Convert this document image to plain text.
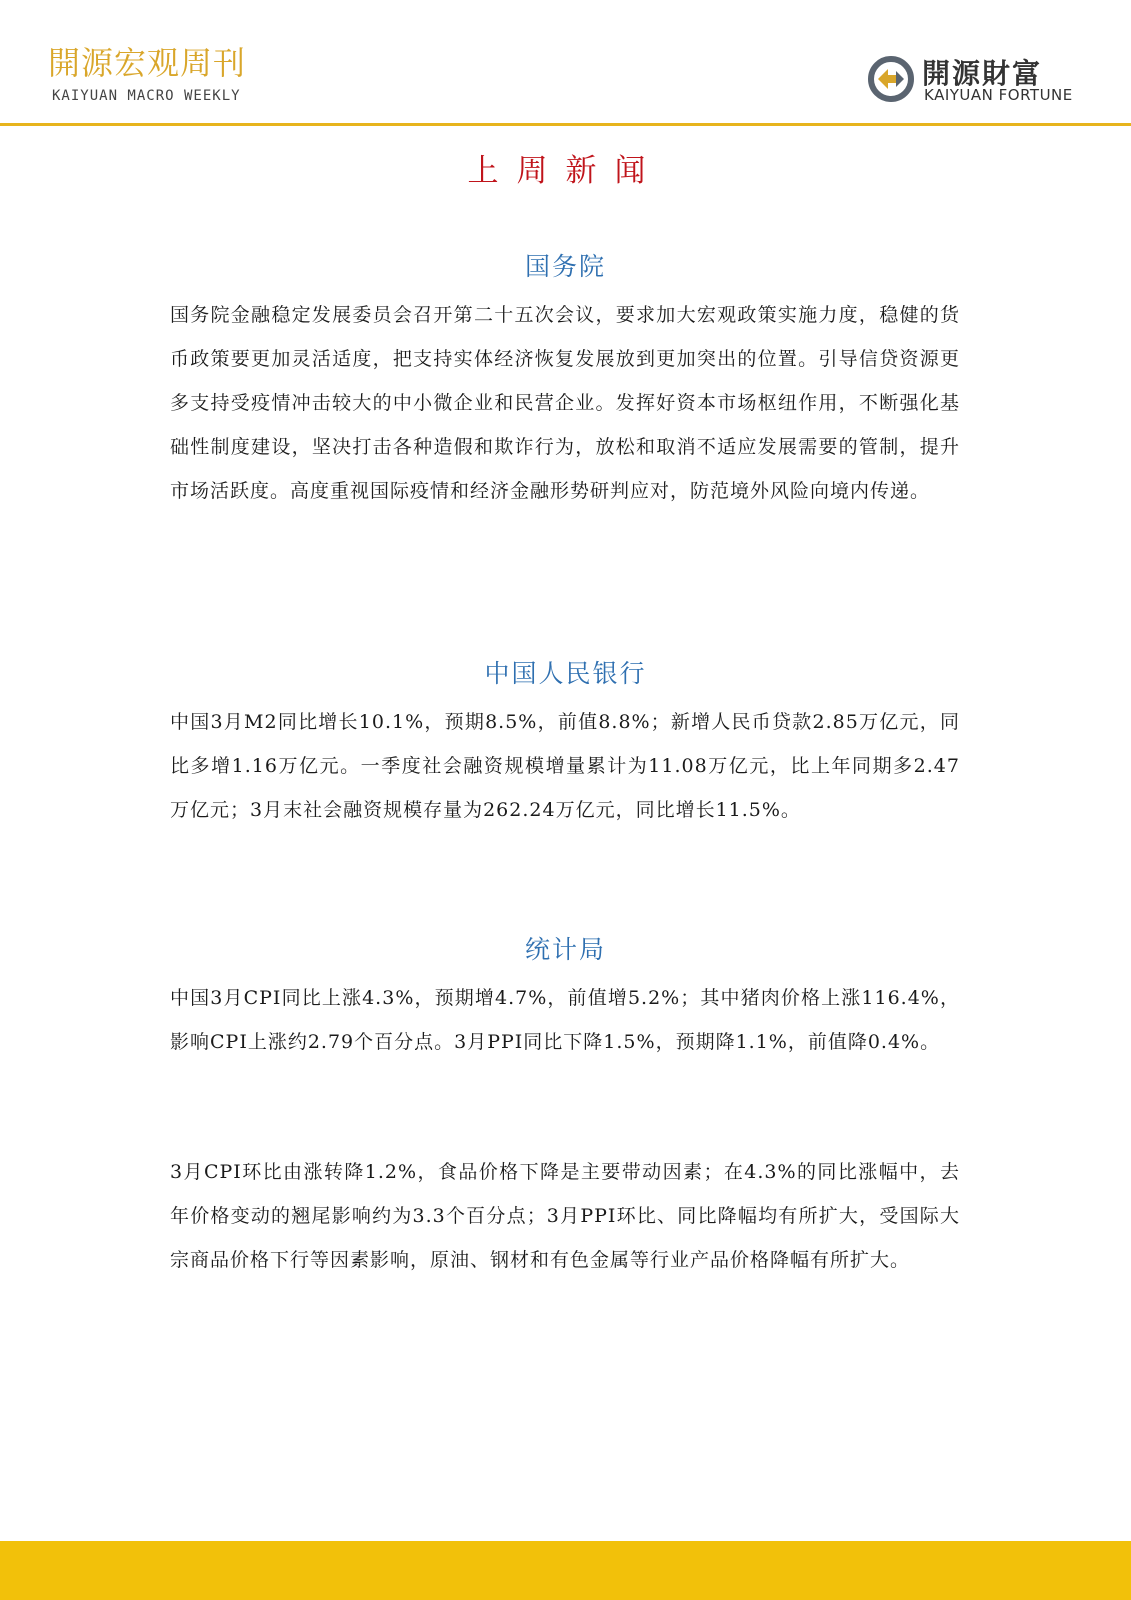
開源宏观周刊
KAIYUAN MACRO WEEKLY
開源財富
KAIYUAN FORTUNE
上周新闻
国务院

国务院金融稳定发展委员会召开第二十五次会议，要求加大宏观政策实施力度，稳健的货币政策要更加灵活适度，把支持实体经济恢复发展放到更加突出的位置。引导信贷资源更多支持受疫情冲击较大的中小微企业和民营企业。发挥好资本市场枢纽作用，不断强化基础性制度建设，坚决打击各种造假和欺诈行为，放松和取消不适应发展需要的管制，提升市场活跃度。高度重视国际疫情和经济金融形势研判应对，防范境外风险向境内传递。

中国人民银行

中国3月M2同比增长10.1%，预期8.5%，前值8.8%；新增人民币贷款2.85万亿元，同比多增1.16万亿元。一季度社会融资规模增量累计为11.08万亿元，比上年同期多2.47万亿元；3月末社会融资规模存量为262.24万亿元，同比增长11.5%。

统计局

中国3月CPI同比上涨4.3%，预期增4.7%，前值增5.2%；其中猪肉价格上涨116.4%，影响CPI上涨约2.79个百分点。3月PPI同比下降1.5%，预期降1.1%，前值降0.4%。

3月CPI环比由涨转降1.2%，食品价格下降是主要带动因素；在4.3%的同比涨幅中，去年价格变动的翘尾影响约为3.3个百分点；3月PPI环比、同比降幅均有所扩大，受国际大宗商品价格下行等因素影响，原油、钢材和有色金属等行业产品价格降幅有所扩大。
